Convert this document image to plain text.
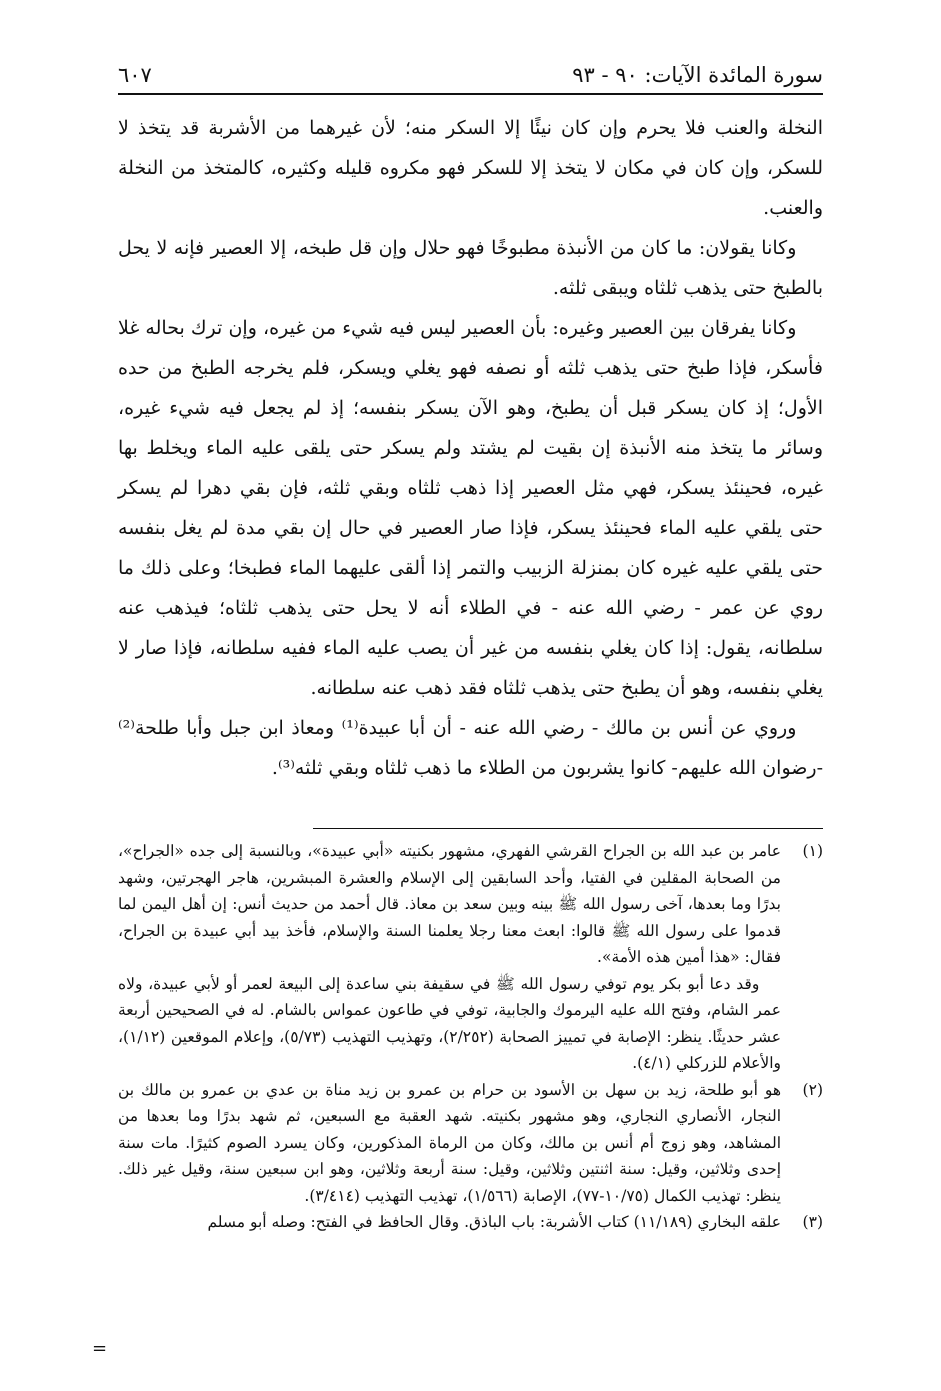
سورة المائدة الآيات: ٩٠ - ٩٣
٦٠٧

النخلة والعنب فلا يحرم وإن كان نيئًا إلا السكر منه؛ لأن غيرهما من الأشربة قد يتخذ لا للسكر، وإن كان في مكان لا يتخذ إلا للسكر فهو مكروه قليله وكثيره، كالمتخذ من النخلة والعنب.

وكانا يقولان: ما كان من الأنبذة مطبوخًا فهو حلال وإن قل طبخه، إلا العصير فإنه لا يحل بالطبخ حتى يذهب ثلثاه ويبقى ثلثه.

وكانا يفرقان بين العصير وغيره: بأن العصير ليس فيه شيء من غيره، وإن ترك بحاله غلا فأسكر، فإذا طبخ حتى يذهب ثلثه أو نصفه فهو يغلي ويسكر، فلم يخرجه الطبخ من حده الأول؛ إذ كان يسكر قبل أن يطبخ، وهو الآن يسكر بنفسه؛ إذ لم يجعل فيه شيء غيره، وسائر ما يتخذ منه الأنبذة إن بقيت لم يشتد ولم يسكر حتى يلقى عليه الماء ويخلط بها غيره، فحينئذ يسكر، فهي مثل العصير إذا ذهب ثلثاه وبقي ثلثه، فإن بقي دهرا لم يسكر حتى يلقي عليه الماء فحينئذ يسكر، فإذا صار العصير في حال إن بقي مدة لم يغل بنفسه حتى يلقي عليه غيره كان بمنزلة الزبيب والتمر إذا ألقى عليهما الماء فطبخا؛ وعلى ذلك ما روي عن عمر - رضي الله عنه - في الطلاء أنه لا يحل حتى يذهب ثلثاه؛ فيذهب عنه سلطانه، يقول: إذا كان يغلي بنفسه من غير أن يصب عليه الماء ففيه سلطانه، فإذا صار لا يغلي بنفسه، وهو أن يطبخ حتى يذهب ثلثاه فقد ذهب عنه سلطانه.

وروي عن أنس بن مالك - رضي الله عنه - أن أبا عبيدة⁽¹⁾ ومعاذ ابن جبل وأبا طلحة⁽²⁾ -رضوان الله عليهم- كانوا يشربون من الطلاء ما ذهب ثلثاه وبقي ثلثه⁽³⁾.

(١)

عامر بن عبد الله بن الجراح القرشي الفهري، مشهور بكنيته «أبي عبيدة»، وبالنسبة إلى جده «الجراح»، من الصحابة المقلين في الفتيا، وأحد السابقين إلى الإسلام والعشرة المبشرين، هاجر الهجرتين، وشهد بدرًا وما بعدها، آخى رسول الله ﷺ بينه وبين سعد بن معاذ. قال أحمد من حديث أنس: إن أهل اليمن لما قدموا على رسول الله ﷺ قالوا: ابعث معنا رجلا يعلمنا السنة والإسلام، فأخذ بيد أبي عبيدة بن الجراح، فقال: «هذا أمين هذه الأمة».

وقد دعا أبو بكر يوم توفي رسول الله ﷺ في سقيفة بني ساعدة إلى البيعة لعمر أو لأبي عبيدة، ولاه عمر الشام، وفتح الله عليه اليرموك والجابية، توفي في طاعون عمواس بالشام. له في الصحيحين أربعة عشر حديثًا. ينظر: الإصابة في تمييز الصحابة (٢/٢٥٢)، وتهذيب التهذيب (٥/٧٣)، وإعلام الموقعين (١/١٢)، والأعلام للزركلي (٤/١).

(٢)

هو أبو طلحة، زيد بن سهل بن الأسود بن حرام بن عمرو بن زيد مناة بن عدي بن عمرو بن مالك بن النجار، الأنصاري النجاري، وهو مشهور بكنيته. شهد العقبة مع السبعين، ثم شهد بدرًا وما بعدها من المشاهد، وهو زوج أم أنس بن مالك، وكان من الرماة المذكورين، وكان يسرد الصوم كثيرًا. مات سنة إحدى وثلاثين، وقيل: سنة اثنتين وثلاثين، وقيل: سنة أربعة وثلاثين، وهو ابن سبعين سنة، وقيل غير ذلك. ينظر: تهذيب الكمال (١٠/٧٥-٧٧)، الإصابة (١/٥٦٦)، تهذيب التهذيب (٣/٤١٤).

(٣)

علقه البخاري (١١/١٨٩) كتاب الأشربة: باب الباذق. وقال الحافظ في الفتح: وصله أبو مسلم

=
